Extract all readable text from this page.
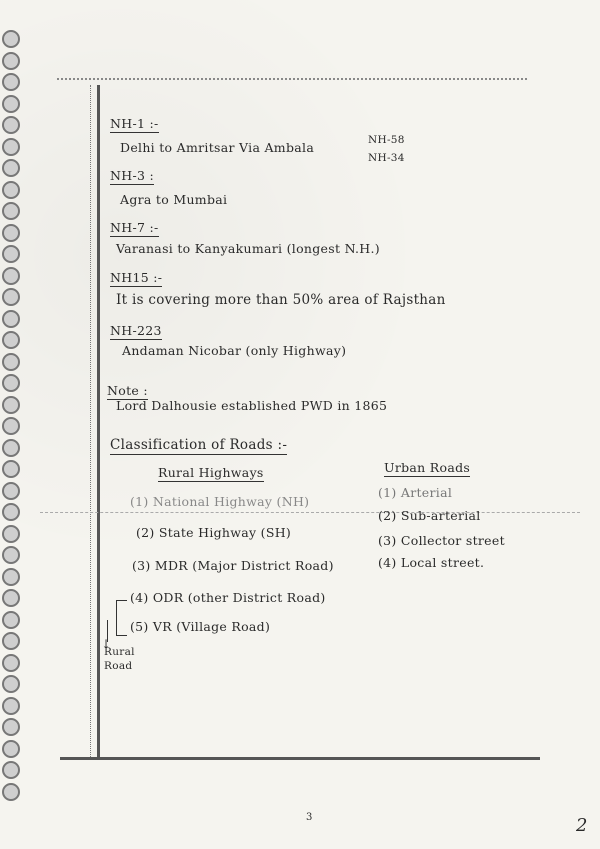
NH-1 :-
Delhi to Amritsar Via Ambala	NH-58
NH-34
NH-3 :
Agra to Mumbai
NH-7 :-
Varanasi to Kanyakumari (longest N.H.)
NH15 :-
It is covering more than 50% area of Rajsthan
NH-223
Andaman Nicobar (only Highway)
Note :
Lord Dalhousie established PWD in 1865
Classification of Roads :-
Rural Highways	Urban Roads
(1) National Highway (NH)
(2) State Highway (SH)
(3) MDR (Major District Road)
(4) ODR (other District Road)
(5) VR (Village Road)
(1) Arterial
(2) Sub-arterial
(3) Collector street
(4) Local street.
↓
Rural Road
3	2
